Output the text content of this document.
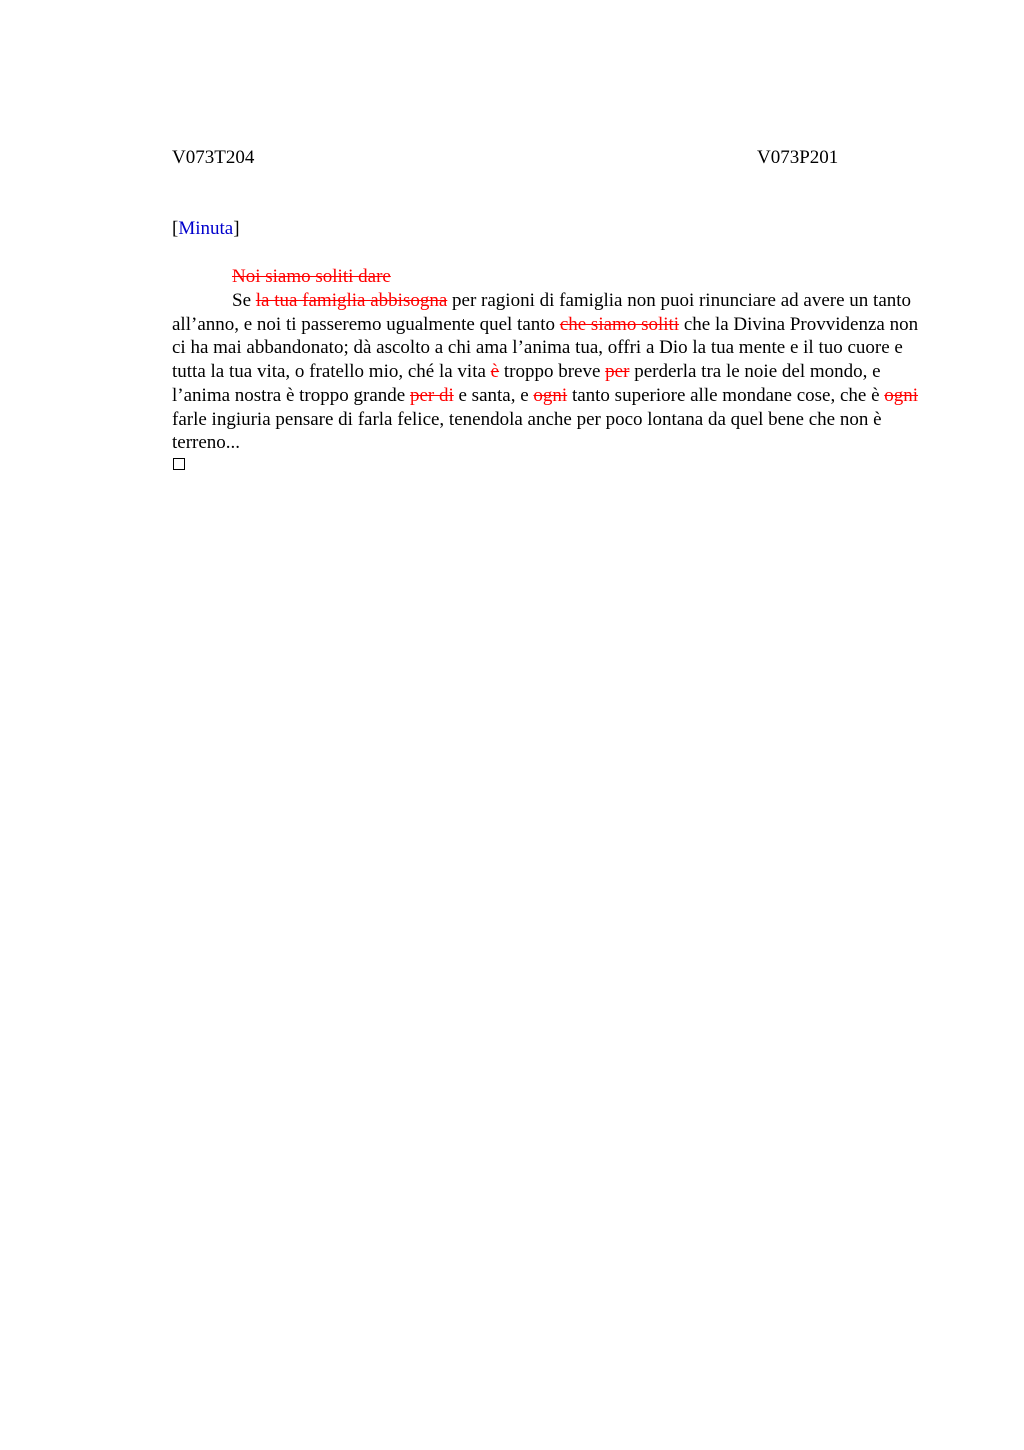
V073T204	V073P201
[Minuta]
Noi siamo soliti dare

Se la tua famiglia abbisogna per ragioni di famiglia non puoi rinunciare ad avere un tanto all’anno, e noi ti passeremo ugualmente quel tanto che siamo soliti che la Divina Provvidenza non ci ha mai abbandonato; dà ascolto a chi ama l’anima tua, offri a Dio la tua mente e il tuo cuore e tutta la tua vita, o fratello mio, ché la vita è troppo breve per perderla tra le noie del mondo, e l’anima nostra è troppo grande per di e santa, e ogni tanto superiore alle mondane cose, che è ogni farle ingiuria pensare di farla felice, tenendola anche per poco lontana da quel bene che non è terreno...
